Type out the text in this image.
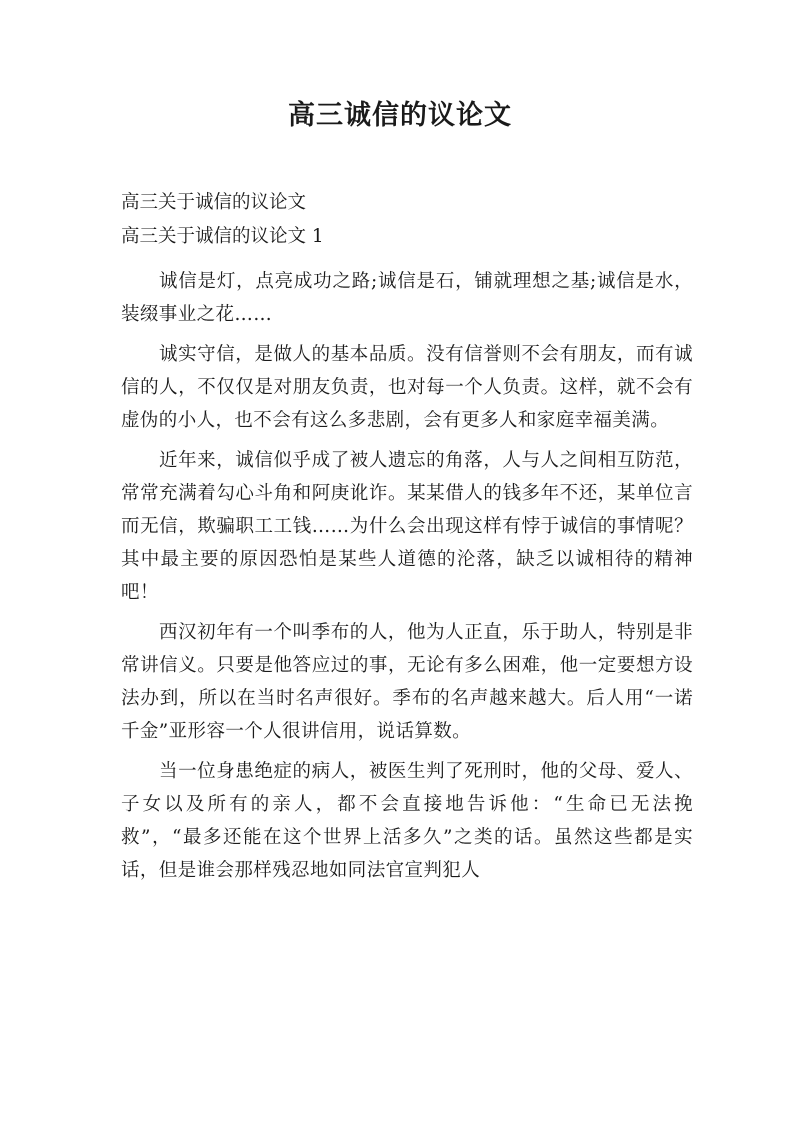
高三诚信的议论文

高三关于诚信的议论文

高三关于诚信的议论文 1

诚信是灯，点亮成功之路;诚信是石，铺就理想之基;诚信是水，装缀事业之花……

诚实守信，是做人的基本品质。没有信誉则不会有朋友，而有诚信的人，不仅仅是对朋友负责，也对每一个人负责。这样，就不会有虚伪的小人，也不会有这么多悲剧，会有更多人和家庭幸福美满。

近年来，诚信似乎成了被人遗忘的角落，人与人之间相互防范，常常充满着勾心斗角和阿庚讹诈。某某借人的钱多年不还，某单位言而无信，欺骗职工工钱……为什么会出现这样有悖于诚信的事情呢？其中最主要的原因恐怕是某些人道德的沦落，缺乏以诚相待的精神吧！

西汉初年有一个叫季布的人，他为人正直，乐于助人，特别是非常讲信义。只要是他答应过的事，无论有多么困难，他一定要想方设法办到，所以在当时名声很好。季布的名声越来越大。后人用“一诺千金”亚形容一个人很讲信用，说话算数。

当一位身患绝症的病人，被医生判了死刑时，他的父母、爱人、子女以及所有的亲人，都不会直接地告诉他：“生命已无法挽救”，“最多还能在这个世界上活多久”之类的话。虽然这些都是实话，但是谁会那样残忍地如同法官宣判犯人
